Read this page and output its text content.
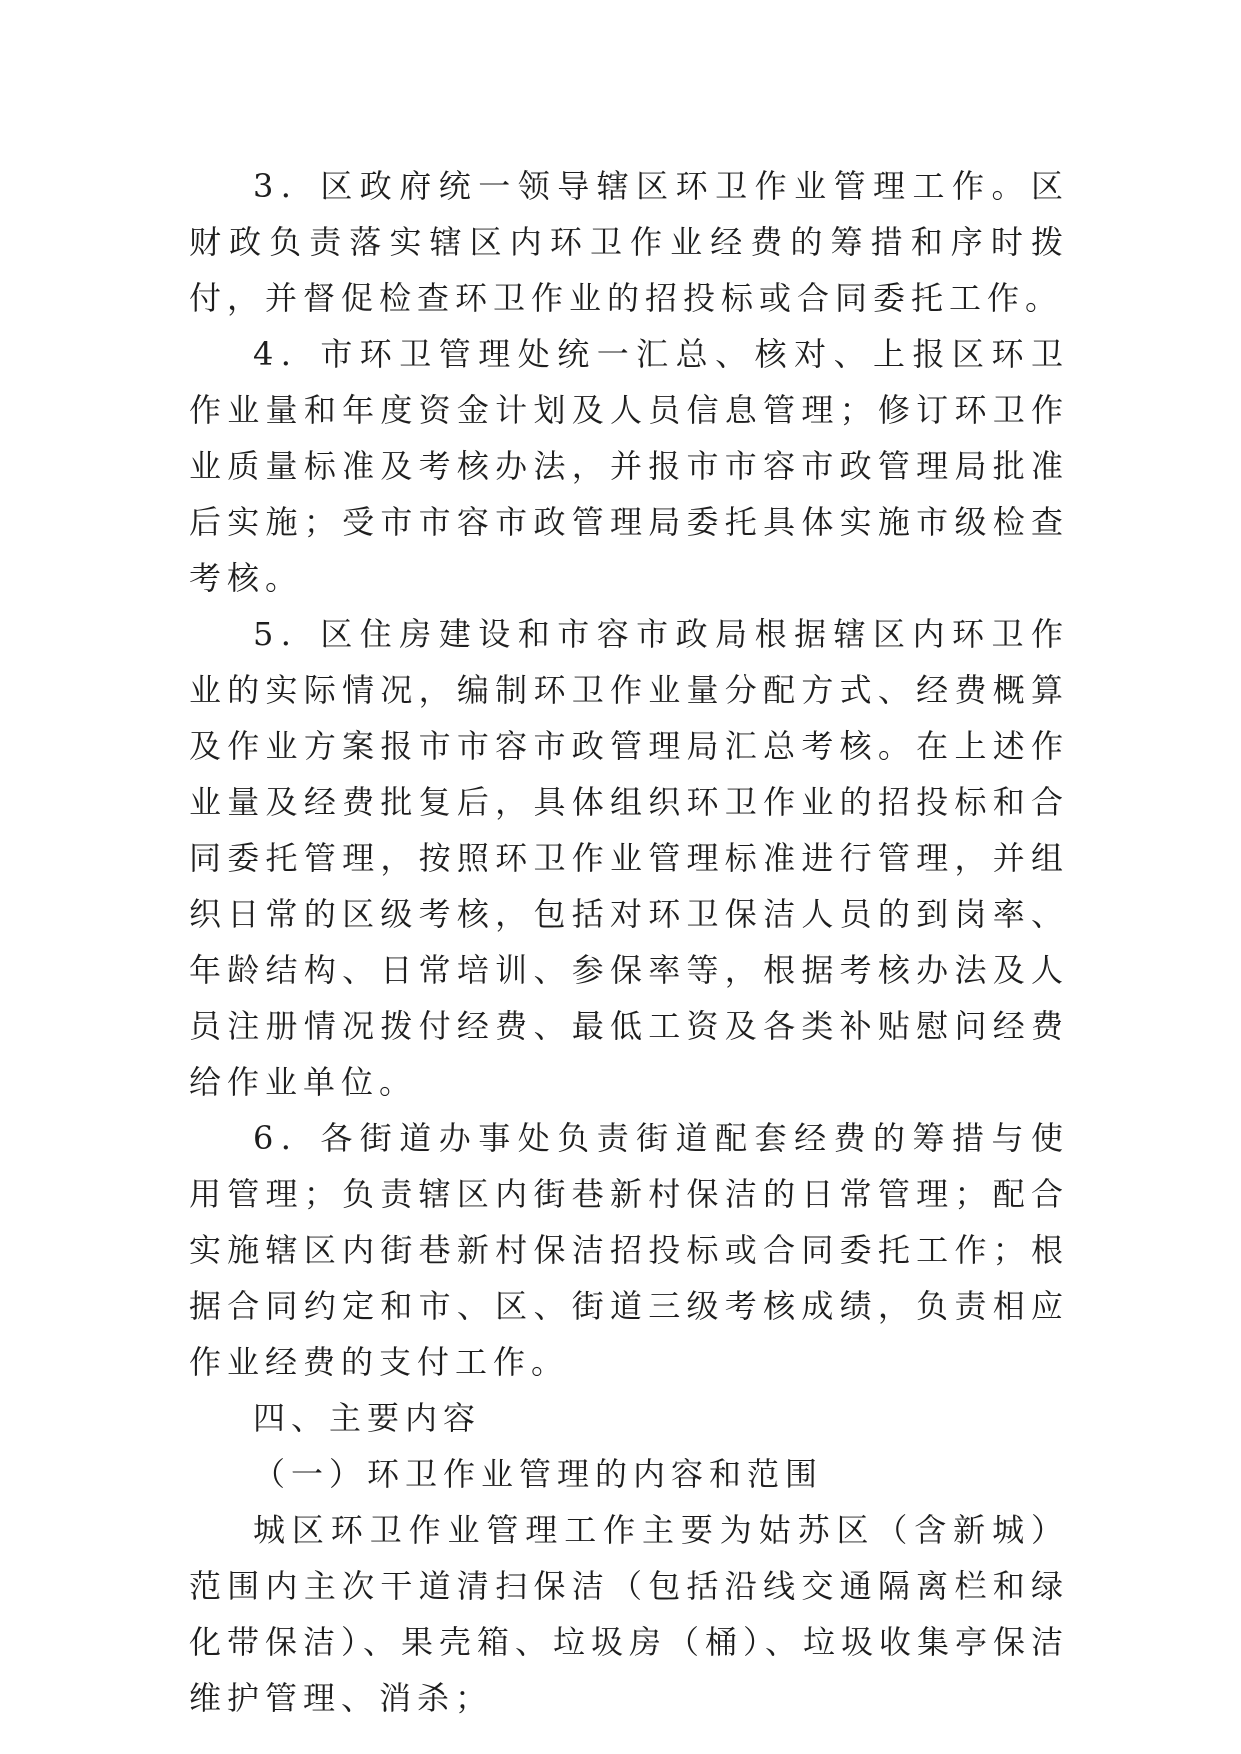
3．区政府统一领导辖区环卫作业管理工作。区财政负责落实辖区内环卫作业经费的筹措和序时拨付，并督促检查环卫作业的招投标或合同委托工作。

4．市环卫管理处统一汇总、核对、上报区环卫作业量和年度资金计划及人员信息管理；修订环卫作业质量标准及考核办法，并报市市容市政管理局批准后实施；受市市容市政管理局委托具体实施市级检查考核。

5．区住房建设和市容市政局根据辖区内环卫作业的实际情况，编制环卫作业量分配方式、经费概算及作业方案报市市容市政管理局汇总考核。在上述作业量及经费批复后，具体组织环卫作业的招投标和合同委托管理，按照环卫作业管理标准进行管理，并组织日常的区级考核，包括对环卫保洁人员的到岗率、年龄结构、日常培训、参保率等，根据考核办法及人员注册情况拨付经费、最低工资及各类补贴慰问经费给作业单位。

6．各街道办事处负责街道配套经费的筹措与使用管理；负责辖区内街巷新村保洁的日常管理；配合实施辖区内街巷新村保洁招投标或合同委托工作；根据合同约定和市、区、街道三级考核成绩，负责相应作业经费的支付工作。

四、主要内容

（一）环卫作业管理的内容和范围

城区环卫作业管理工作主要为姑苏区（含新城）范围内主次干道清扫保洁（包括沿线交通隔离栏和绿化带保洁）、果壳箱、垃圾房（桶）、垃圾收集亭保洁维护管理、消杀；
